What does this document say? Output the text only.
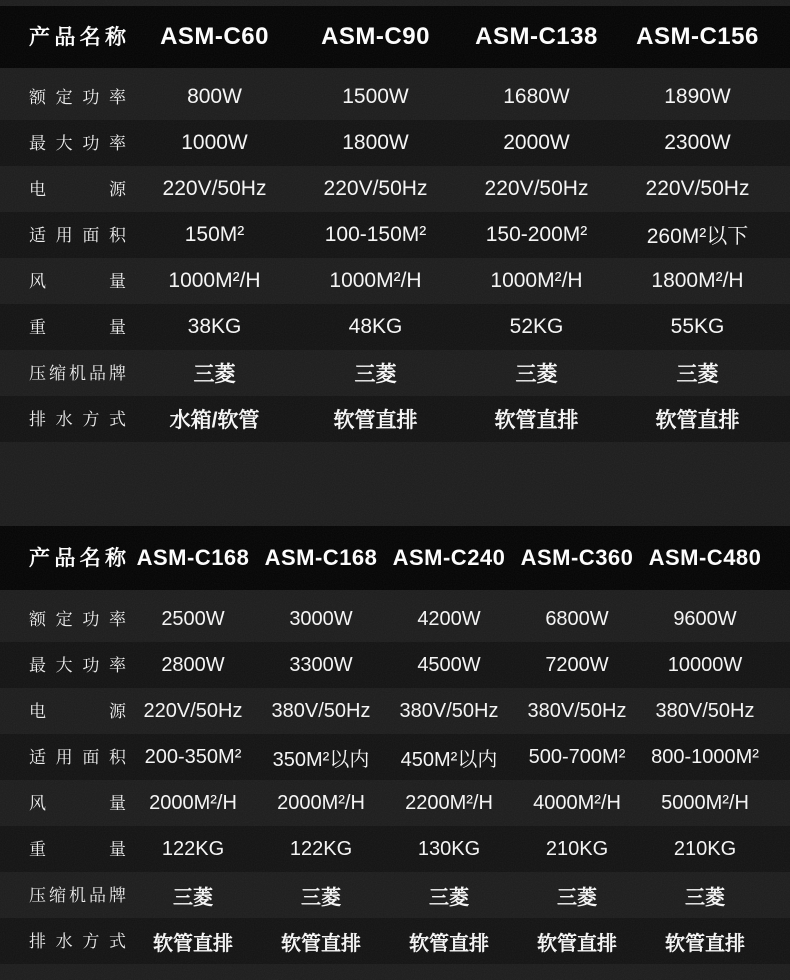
产品名称	ASM-C60	ASM-C90	ASM-C138	ASM-C156
额定功率	800W	1500W	1680W	1890W
最大功率	1000W	1800W	2000W	2300W
电源	220V/50Hz	220V/50Hz	220V/50Hz	220V/50Hz
适用面积	150M²	100-150M²	150-200M²	260M²以下
风量	1000M²/H	1000M²/H	1000M²/H	1800M²/H
重量	38KG	48KG	52KG	55KG
压缩机品牌	三菱	三菱	三菱	三菱
排水方式	水箱/软管	软管直排	软管直排	软管直排
产品名称 ASM-C168 ASM-C168 ASM-C240 ASM-C360 ASM-C480
额定功率	2500W	3000W	4200W	6800W	9600W
最大功率	2800W	3300W	4500W	7200W	10000W
电源 220V/50Hz	380V/50Hz	380V/50Hz	380V/50Hz	380V/50Hz
适用面积 200-350M²	350M²以内	450M²以内	500-700M²	800-1000M²
风量	2000M²/H	2000M²/H	2200M²/H	4000M²/H	5000M²/H
重量	122KG	122KG	130KG	210KG	210KG
压缩机品牌	三菱	三菱	三菱	三菱	三菱
排水方式	软管直排	软管直排	软管直排	软管直排	软管直排
